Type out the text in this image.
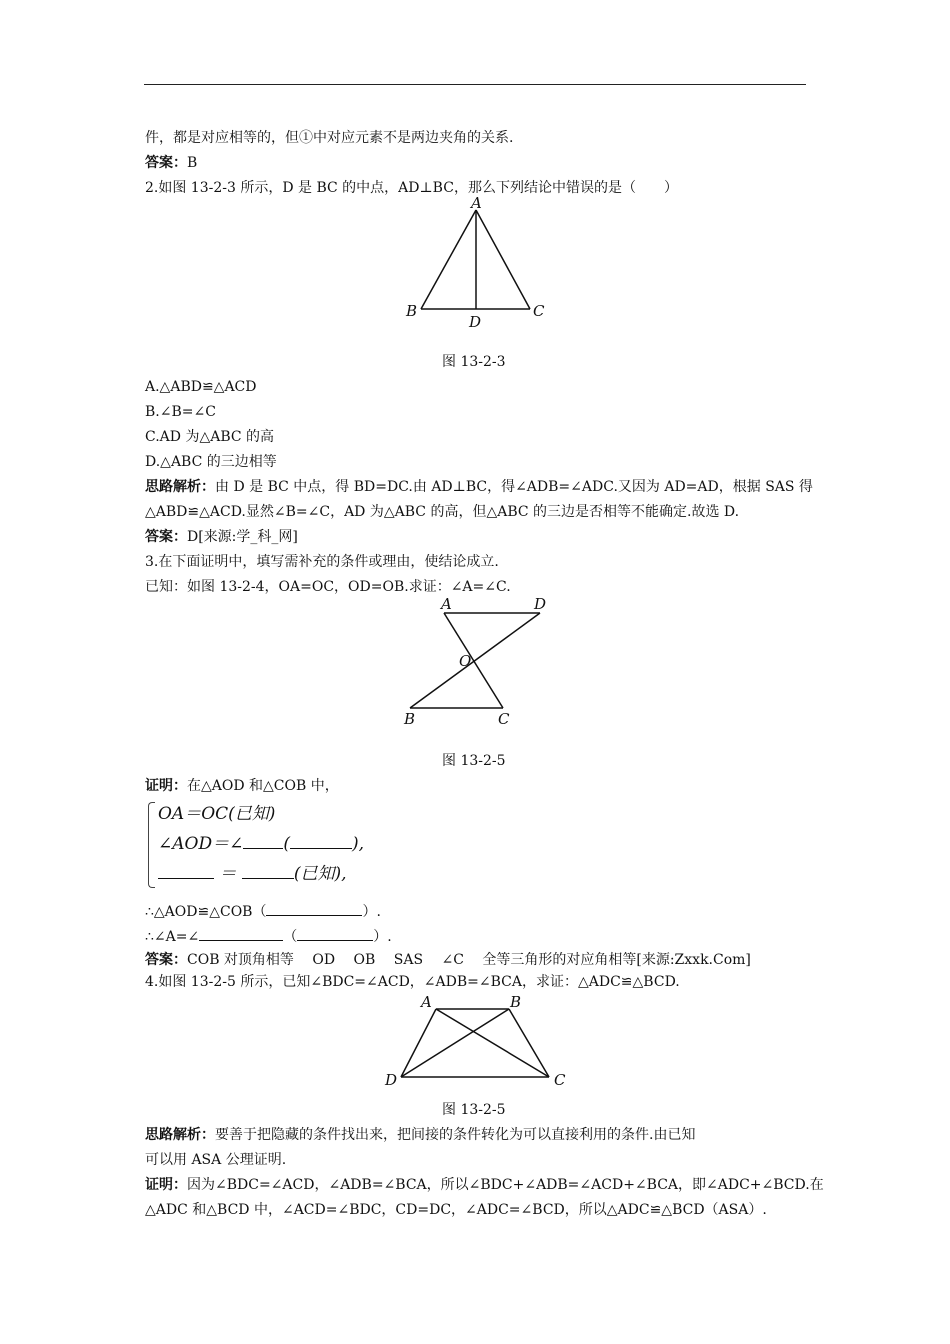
件，都是对应相等的，但①中对应元素不是两边夹角的关系.
答案：B
2.如图 13-2-3 所示，D 是 BC 的中点，AD⊥BC，那么下列结论中错误的是（　　）
A
B	C
D
A	D
O
B	C
A	B
C
D
图 13-2-3
A.△ABD≌△ACD
B.∠B=∠C
C.AD 为△ABC 的高
D.△ABC 的三边相等
思路解析：由 D 是 BC 中点，得 BD=DC.由 AD⊥BC，得∠ADB=∠ADC.又因为 AD=AD，根据 SAS 得
△ABD≌△ACD.显然∠B=∠C，AD 为△ABC 的高，但△ABC 的三边是否相等不能确定.故选 D.
答案：D[来源:学_科_网]
3.在下面证明中，填写需补充的条件或理由，使结论成立.
已知：如图 13-2-4，OA=OC，OD=OB.求证：∠A=∠C.
图 13-2-5
证明：在△AOD 和△COB 中，
OA＝OC(已知)
∠AOD＝∠ (	),
＝	(已知),
∴△AOD≌△COB（	）.
∴∠A=∠	（	）.
答案：COB 对顶角相等　 OD　 OB　 SAS　 ∠C　 全等三角形的对应角相等[来源:Zxxk.Com]
4.如图 13-2-5 所示，已知∠BDC=∠ACD，∠ADB=∠BCA，求证：△ADC≌△BCD.
图 13-2-5
思路解析：要善于把隐藏的条件找出来，把间接的条件转化为可以直接利用的条件.由已知
可以用 ASA 公理证明.
证明：因为∠BDC=∠ACD，∠ADB=∠BCA，所以∠BDC+∠ADB=∠ACD+∠BCA，即∠ADC+∠BCD.在
△ADC 和△BCD 中，∠ACD=∠BDC，CD=DC，∠ADC=∠BCD，所以△ADC≌△BCD（ASA）.
